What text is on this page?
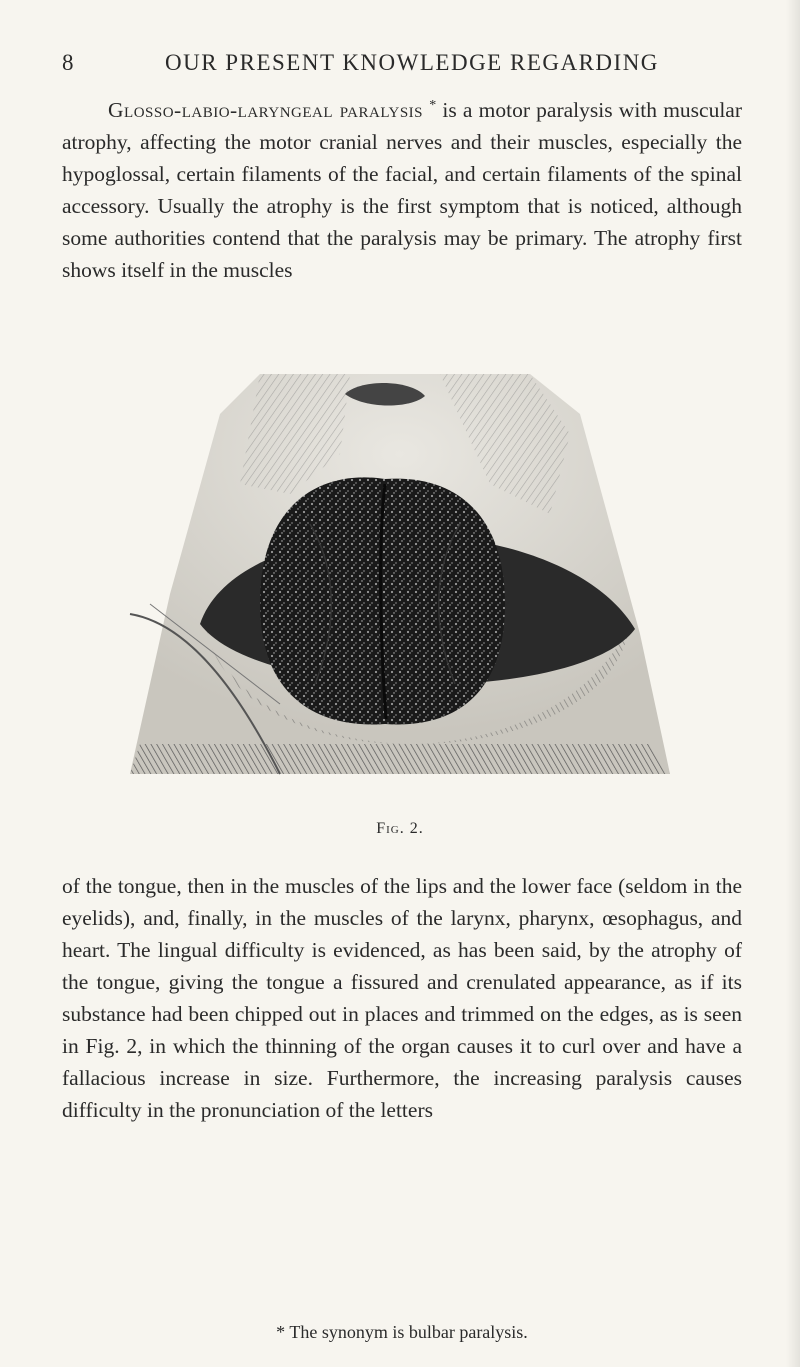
8	OUR PRESENT KNOWLEDGE REGARDING

Glosso-labio-laryngeal paralysis * is a motor paralysis with muscular atrophy, affecting the motor cranial nerves and their muscles, especially the hypoglossal, certain filaments of the facial, and certain filaments of the spinal accessory. Usually the atrophy is the first symptom that is noticed, although some authorities contend that the paralysis may be primary. The atrophy first shows itself in the muscles

Fig. 2.

of the tongue, then in the muscles of the lips and the lower face (seldom in the eyelids), and, finally, in the muscles of the larynx, pharynx, œsophagus, and heart. The lingual difficulty is evidenced, as has been said, by the atrophy of the tongue, giving the tongue a fissured and crenulated appearance, as if its substance had been chipped out in places and trimmed on the edges, as is seen in Fig. 2, in which the thinning of the organ causes it to curl over and have a fallacious increase in size. Furthermore, the increasing paralysis causes difficulty in the pronunciation of the letters

* The synonym is bulbar paralysis.
